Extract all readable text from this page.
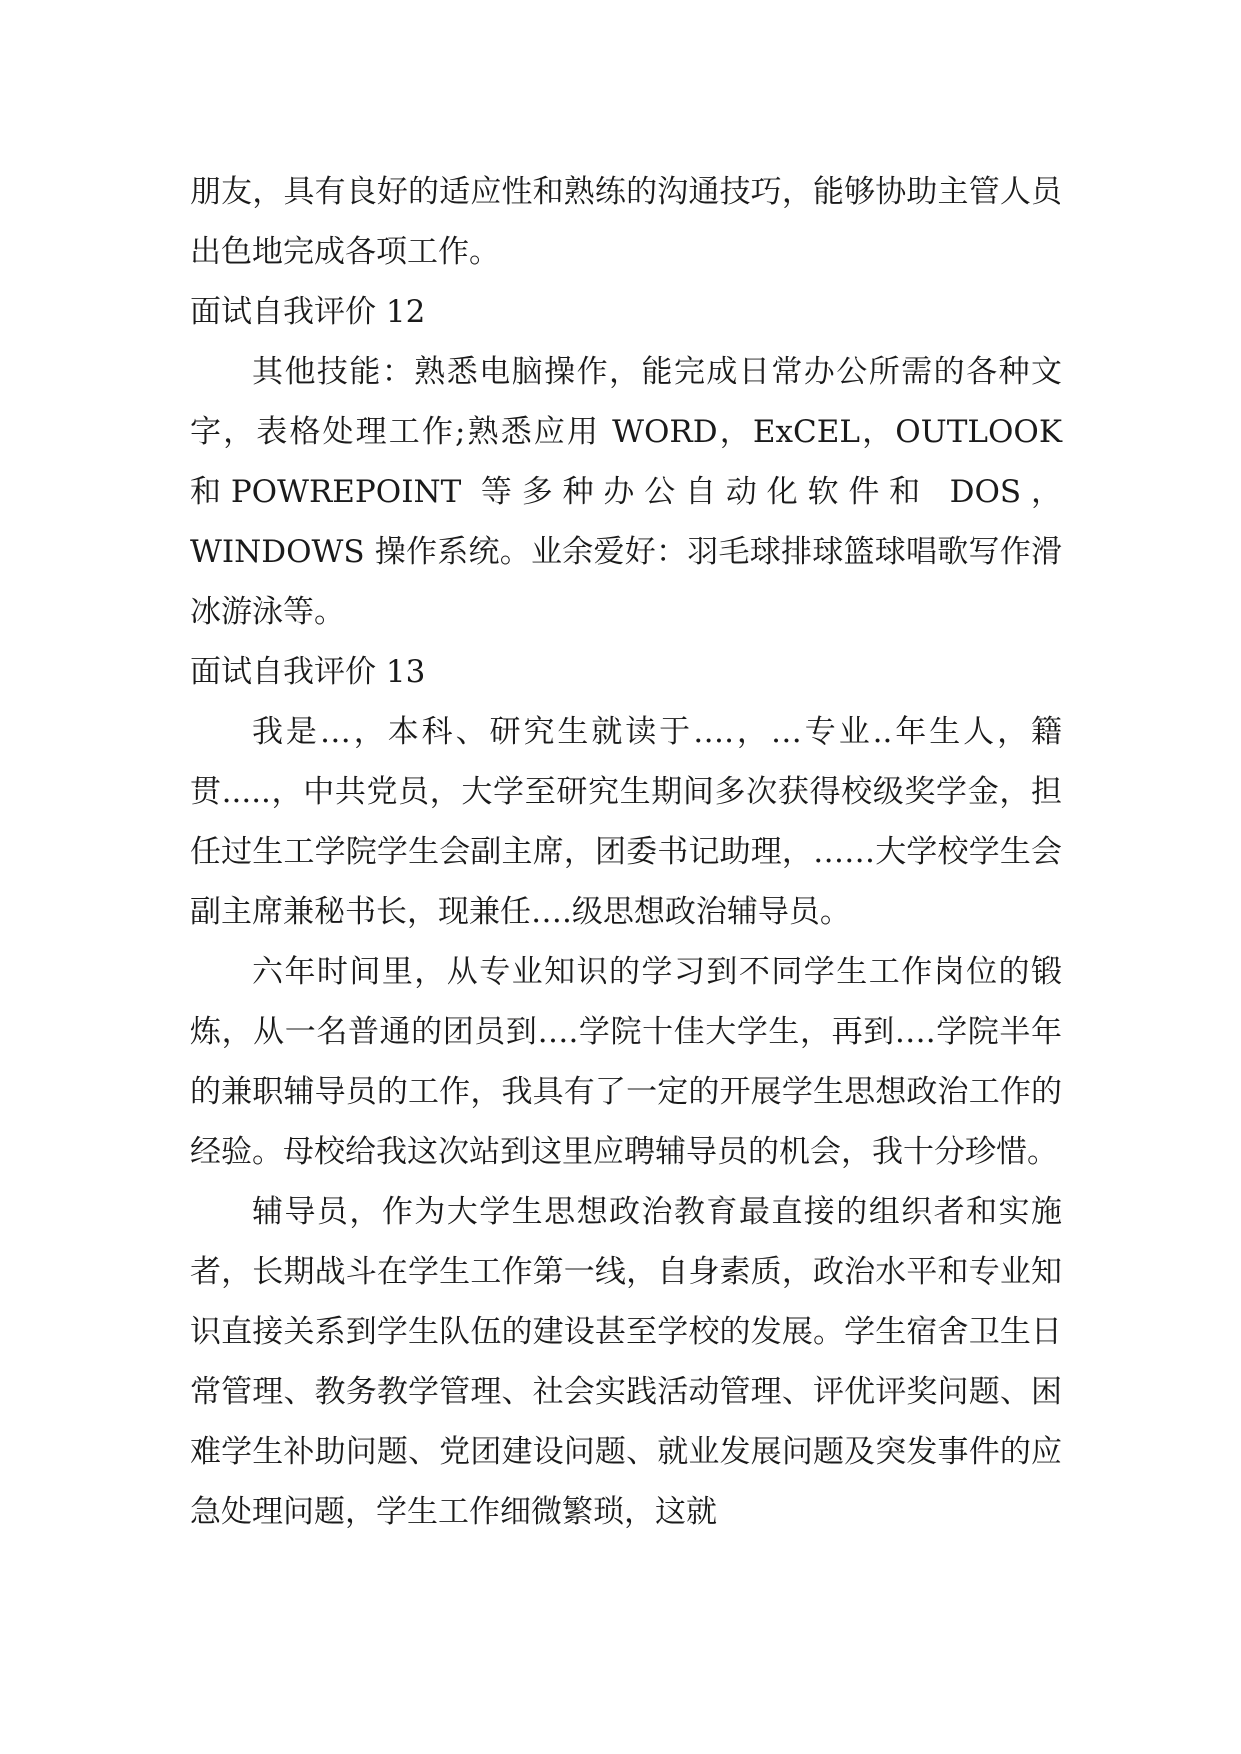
朋友，具有良好的适应性和熟练的沟通技巧，能够协助主管人员出色地完成各项工作。

面试自我评价 12

其他技能：熟悉电脑操作，能完成日常办公所需的各种文字，表格处理工作;熟悉应用 WORD，ExCEL，OUTLOOK 和POWREPOINT 等多种办公自动化软件和 DOS，WINDOWS 操作系统。业余爱好：羽毛球排球篮球唱歌写作滑冰游泳等。

面试自我评价 13

我是…，本科、研究生就读于….，…专业..年生人，籍贯.....，中共党员，大学至研究生期间多次获得校级奖学金，担任过生工学院学生会副主席，团委书记助理，……大学校学生会副主席兼秘书长，现兼任….级思想政治辅导员。

六年时间里，从专业知识的学习到不同学生工作岗位的锻炼，从一名普通的团员到….学院十佳大学生，再到….学院半年的兼职辅导员的工作，我具有了一定的开展学生思想政治工作的经验。母校给我这次站到这里应聘辅导员的机会，我十分珍惜。

辅导员，作为大学生思想政治教育最直接的组织者和实施者，长期战斗在学生工作第一线，自身素质，政治水平和专业知识直接关系到学生队伍的建设甚至学校的发展。学生宿舍卫生日常管理、教务教学管理、社会实践活动管理、评优评奖问题、困难学生补助问题、党团建设问题、就业发展问题及突发事件的应急处理问题，学生工作细微繁琐，这就
